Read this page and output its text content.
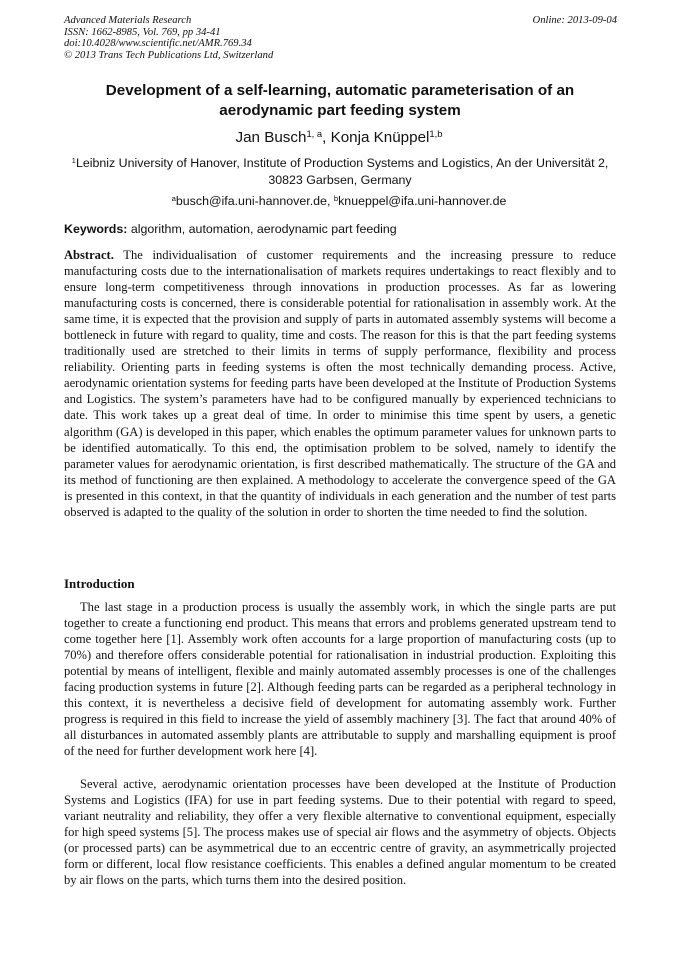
Advanced Materials Research	Online: 2013-09-04
ISSN: 1662-8985, Vol. 769, pp 34-41
doi:10.4028/www.scientific.net/AMR.769.34
© 2013 Trans Tech Publications Ltd, Switzerland
Development of a self-learning, automatic parameterisation of an aerodynamic part feeding system
Jan Busch$^{1, a}$, Konja Knüppel$^{1,b}$
$^1$Leibniz University of Hanover, Institute of Production Systems and Logistics, An der Universität 2, 30823 Garbsen, Germany
$^a$busch@ifa.uni-hannover.de, $^b$knueppel@ifa.uni-hannover.de
Keywords: algorithm, automation, aerodynamic part feeding

Abstract. The individualisation of customer requirements and the increasing pressure to reduce manufacturing costs due to the internationalisation of markets requires undertakings to react flexibly and to ensure long-term competitiveness through innovations in production processes. As far as lowering manufacturing costs is concerned, there is considerable potential for rationalisation in assembly work. At the same time, it is expected that the provision and supply of parts in automated assembly systems will become a bottleneck in future with regard to quality, time and costs. The reason for this is that the part feeding systems traditionally used are stretched to their limits in terms of supply performance, flexibility and process reliability. Orienting parts in feeding systems is often the most technically demanding process. Active, aerodynamic orientation systems for feeding parts have been developed at the Institute of Production Systems and Logistics. The system’s parameters have had to be configured manually by experienced technicians to date. This work takes up a great deal of time. In order to minimise this time spent by users, a genetic algorithm (GA) is developed in this paper, which enables the optimum parameter values for unknown parts to be identified automatically. To this end, the optimisation problem to be solved, namely to identify the parameter values for aerodynamic orientation, is first described mathematically. The structure of the GA and its method of functioning are then explained. A methodology to accelerate the convergence speed of the GA is presented in this context, in that the quantity of individuals in each generation and the number of test parts observed is adapted to the quality of the solution in order to shorten the time needed to find the solution.

Introduction

The last stage in a production process is usually the assembly work, in which the single parts are put together to create a functioning end product. This means that errors and problems generated upstream tend to come together here [1]. Assembly work often accounts for a large proportion of manufacturing costs (up to 70%) and therefore offers considerable potential for rationalisation in industrial production. Exploiting this potential by means of intelligent, flexible and mainly automated assembly processes is one of the challenges facing production systems in future [2]. Although feeding parts can be regarded as a peripheral technology in this context, it is nevertheless a decisive field of development for automating assembly work. Further progress is required in this field to increase the yield of assembly machinery [3]. The fact that around 40% of all disturbances in automated assembly plants are attributable to supply and marshalling equipment is proof of the need for further development work here [4].

Several active, aerodynamic orientation processes have been developed at the Institute of Production Systems and Logistics (IFA) for use in part feeding systems. Due to their potential with regard to speed, variant neutrality and reliability, they offer a very flexible alternative to conventional equipment, especially for high speed systems [5]. The process makes use of special air flows and the asymmetry of objects. Objects (or processed parts) can be asymmetrical due to an eccentric centre of gravity, an asymmetrically projected form or different, local flow resistance coefficients. This enables a defined angular momentum to be created by air flows on the parts, which turns them into the desired position.
